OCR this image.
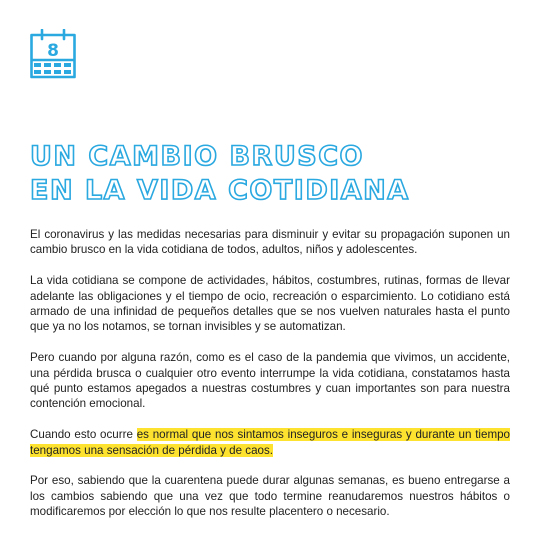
8
UN CAMBIO BRUSCO
EN LA VIDA COTIDIANA

El coronavirus y las medidas necesarias para disminuir y evitar su propagación suponen un cambio brusco en la vida cotidiana de todos, adultos, niños y adolescentes.

La vida cotidiana se compone de actividades, hábitos, costumbres, rutinas, formas de llevar adelante las obligaciones y el tiempo de ocio, recreación o esparcimiento. Lo cotidiano está armado de una infinidad de pequeños detalles que se nos vuelven naturales hasta el punto que ya no los notamos, se tornan invisibles y se automatizan.

Pero cuando por alguna razón, como es el caso de la pandemia que vivimos, un accidente, una pérdida brusca o cualquier otro evento interrumpe la vida cotidiana, constatamos hasta qué punto estamos apegados a nuestras costumbres y cuan importantes son para nuestra contención emocional.

Cuando esto ocurre es normal que nos sintamos inseguros e inseguras y durante un tiempo tengamos una sensación de pérdida y de caos.

Por eso, sabiendo que la cuarentena puede durar algunas semanas, es bueno entregarse a los cambios sabiendo que una vez que todo termine reanudaremos nuestros hábitos o modificaremos por elección lo que nos resulte placentero o necesario.
